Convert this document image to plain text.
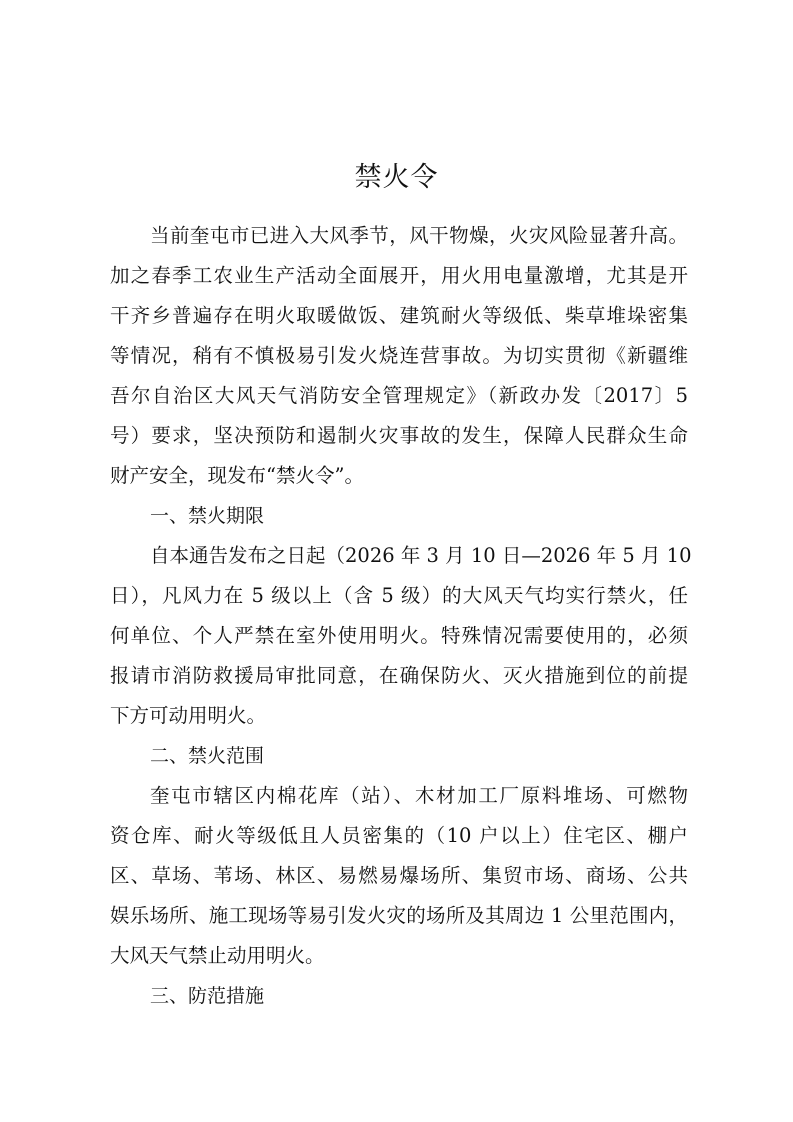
禁火令
当前奎屯市已进入大风季节，风干物燥，火灾风险显著升高。
加之春季工农业生产活动全面展开，用火用电量激增，尤其是开
干齐乡普遍存在明火取暖做饭、建筑耐火等级低、柴草堆垛密集
等情况，稍有不慎极易引发火烧连营事故。为切实贯彻《新疆维
吾尔自治区大风天气消防安全管理规定》（新政办发〔2017〕5
号）要求，坚决预防和遏制火灾事故的发生，保障人民群众生命
财产安全，现发布“禁火令”。
一、禁火期限
自本通告发布之日起（2026 年 3 月 10 日—2026 年 5 月 10
日），凡风力在 5 级以上（含 5 级）的大风天气均实行禁火，任
何单位、个人严禁在室外使用明火。特殊情况需要使用的，必须
报请市消防救援局审批同意，在确保防火、灭火措施到位的前提
下方可动用明火。
二、禁火范围
奎屯市辖区内棉花库（站）、木材加工厂原料堆场、可燃物
资仓库、耐火等级低且人员密集的（10 户以上）住宅区、棚户
区、草场、苇场、林区、易燃易爆场所、集贸市场、商场、公共
娱乐场所、施工现场等易引发火灾的场所及其周边 1 公里范围内，
大风天气禁止动用明火。
三、防范措施
